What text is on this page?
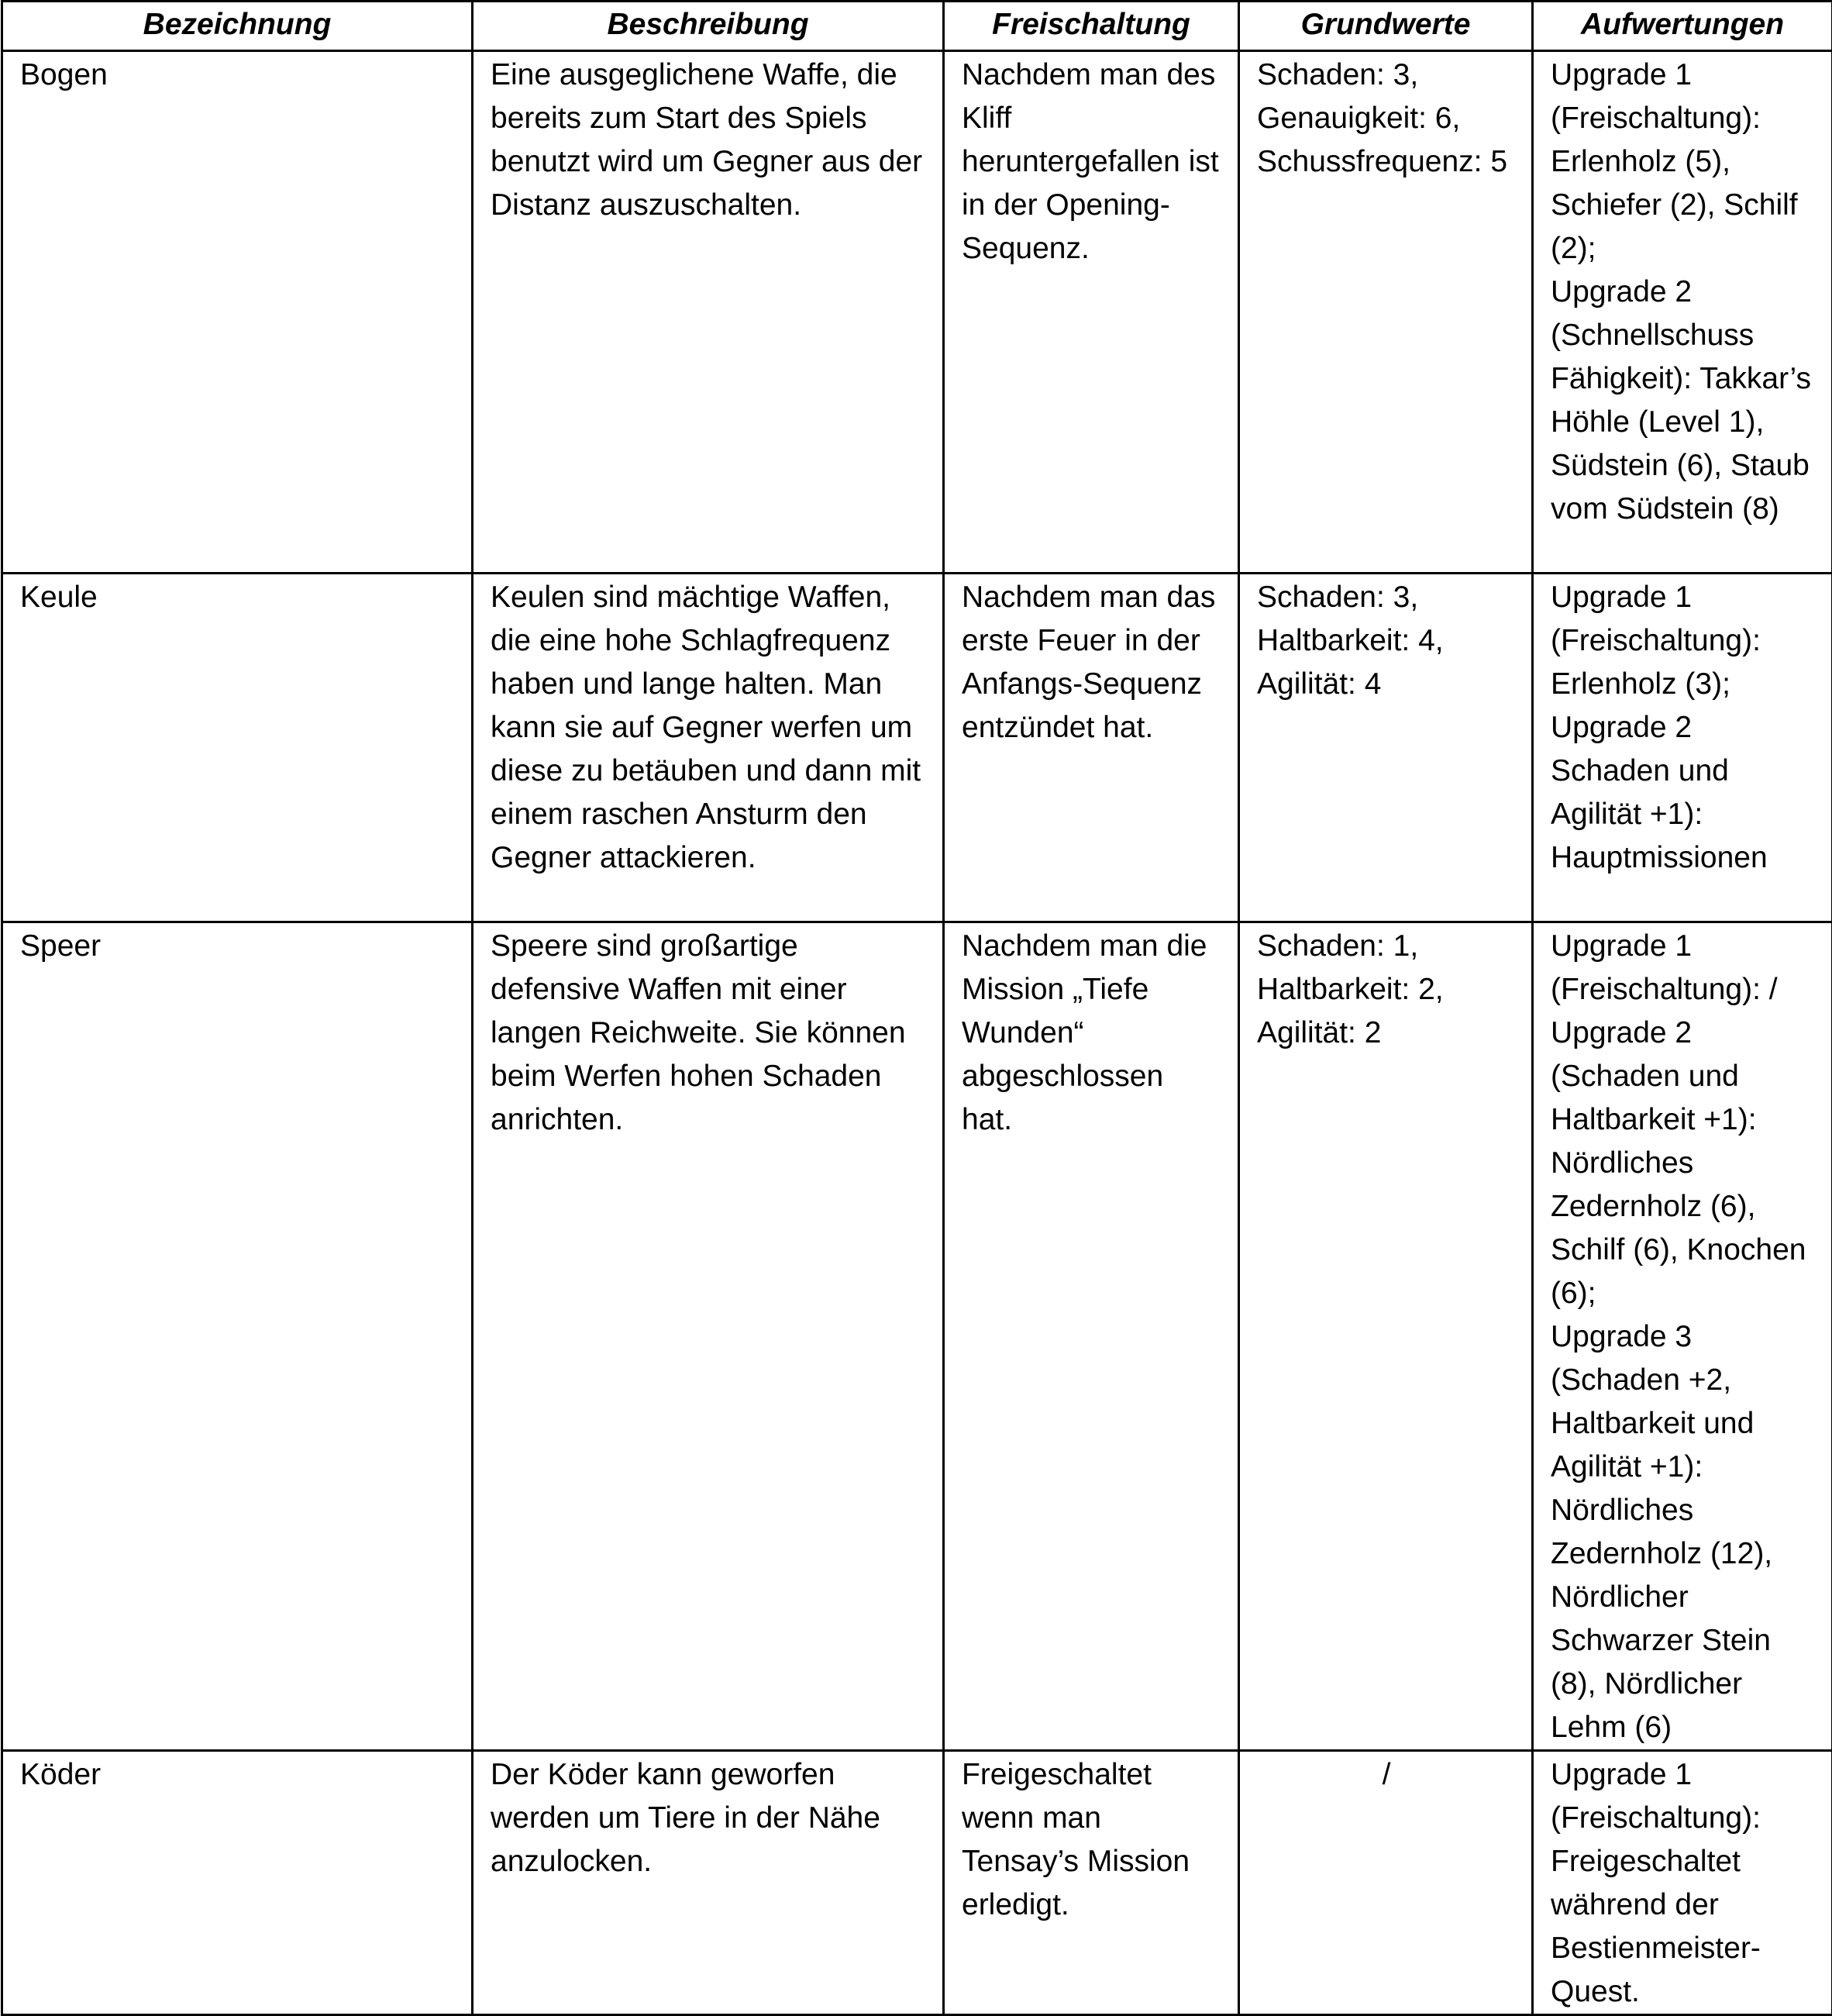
Bezeichnung	Beschreibung	Freischaltung	Grundwerte	Aufwertungen
Bogen	Eine ausgeglichene Waffe, die bereits zum Start des Spiels benutzt wird um Gegner aus der Distanz auszuschalten.	Nachdem man des Kliff heruntergefallen ist in der Opening-Sequenz.	Schaden: 3, Genauigkeit: 6, Schussfrequenz: 5	Upgrade 1 (Freischaltung): Erlenholz (5), Schiefer (2), Schilf (2);
Upgrade 2 (Schnellschuss Fähigkeit): Takkar’s Höhle (Level 1), Südstein (6), Staub vom Südstein (8)
Keule	Keulen sind mächtige Waffen, die eine hohe Schlagfrequenz haben und lange halten. Man kann sie auf Gegner werfen um diese zu betäuben und dann mit einem raschen Ansturm den Gegner attackieren.	Nachdem man das erste Feuer in der Anfangs-Sequenz entzündet hat.	Schaden: 3, Haltbarkeit: 4, Agilität: 4	Upgrade 1 (Freischaltung): Erlenholz (3);
Upgrade 2 Schaden und Agilität +1): Hauptmissionen
Speer	Speere sind großartige defensive Waffen mit einer langen Reichweite. Sie können beim Werfen hohen Schaden anrichten.	Nachdem man die Mission „Tiefe Wunden“ abgeschlossen hat.	Schaden: 1, Haltbarkeit: 2, Agilität: 2	Upgrade 1 (Freischaltung): /
Upgrade 2 (Schaden und Haltbarkeit +1): Nördliches Zedernholz (6), Schilf (6), Knochen (6);
Upgrade 3 (Schaden +2, Haltbarkeit und Agilität +1): Nördliches Zedernholz (12), Nördlicher Schwarzer Stein (8), Nördlicher Lehm (6)
Köder	Der Köder kann geworfen werden um Tiere in der Nähe anzulocken.	Freigeschaltet wenn man Tensay’s Mission erledigt.	/	Upgrade 1 (Freischaltung): Freigeschaltet während der Bestienmeister-Quest.
